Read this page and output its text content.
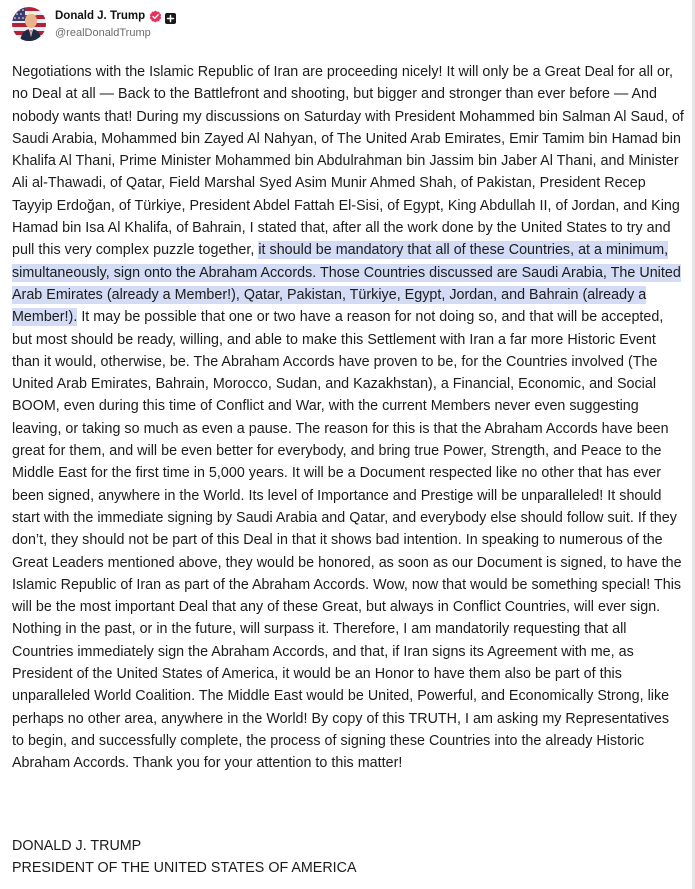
Donald J. Trump
@realDonaldTrump

Negotiations with the Islamic Republic of Iran are proceeding nicely! It will only be a Great Deal for all or, no Deal at all — Back to the Battlefront and shooting, but bigger and stronger than ever before — And nobody wants that! During my discussions on Saturday with President Mohammed bin Salman Al Saud, of Saudi Arabia, Mohammed bin Zayed Al Nahyan, of The United Arab Emirates, Emir Tamim bin Hamad bin Khalifa Al Thani, Prime Minister Mohammed bin Abdulrahman bin Jassim bin Jaber Al Thani, and Minister Ali al-Thawadi, of Qatar, Field Marshal Syed Asim Munir Ahmed Shah, of Pakistan, President Recep Tayyip Erdoğan, of Türkiye, President Abdel Fattah El-Sisi, of Egypt, King Abdullah II, of Jordan, and King Hamad bin Isa Al Khalifa, of Bahrain, I stated that, after all the work done by the United States to try and pull this very complex puzzle together, it should be mandatory that all of these Countries, at a minimum, simultaneously, sign onto the Abraham Accords. Those Countries discussed are Saudi Arabia, The United Arab Emirates (already a Member!), Qatar, Pakistan, Türkiye, Egypt, Jordan, and Bahrain (already a Member!). It may be possible that one or two have a reason for not doing so, and that will be accepted, but most should be ready, willing, and able to make this Settlement with Iran a far more Historic Event than it would, otherwise, be. The Abraham Accords have proven to be, for the Countries involved (The United Arab Emirates, Bahrain, Morocco, Sudan, and Kazakhstan), a Financial, Economic, and Social BOOM, even during this time of Conflict and War, with the current Members never even suggesting leaving, or taking so much as even a pause. The reason for this is that the Abraham Accords have been great for them, and will be even better for everybody, and bring true Power, Strength, and Peace to the Middle East for the first time in 5,000 years. It will be a Document respected like no other that has ever been signed, anywhere in the World. Its level of Importance and Prestige will be unparalleled! It should start with the immediate signing by Saudi Arabia and Qatar, and everybody else should follow suit. If they don’t, they should not be part of this Deal in that it shows bad intention. In speaking to numerous of the Great Leaders mentioned above, they would be honored, as soon as our Document is signed, to have the Islamic Republic of Iran as part of the Abraham Accords. Wow, now that would be something special! This will be the most important Deal that any of these Great, but always in Conflict Countries, will ever sign. Nothing in the past, or in the future, will surpass it. Therefore, I am mandatorily requesting that all Countries immediately sign the Abraham Accords, and that, if Iran signs its Agreement with me, as President of the United States of America, it would be an Honor to have them also be part of this unparalleled World Coalition. The Middle East would be United, Powerful, and Economically Strong, like perhaps no other area, anywhere in the World! By copy of this TRUTH, I am asking my Representatives to begin, and successfully complete, the process of signing these Countries into the already Historic Abraham Accords. Thank you for your attention to this matter!

DONALD J. TRUMP
PRESIDENT OF THE UNITED STATES OF AMERICA
